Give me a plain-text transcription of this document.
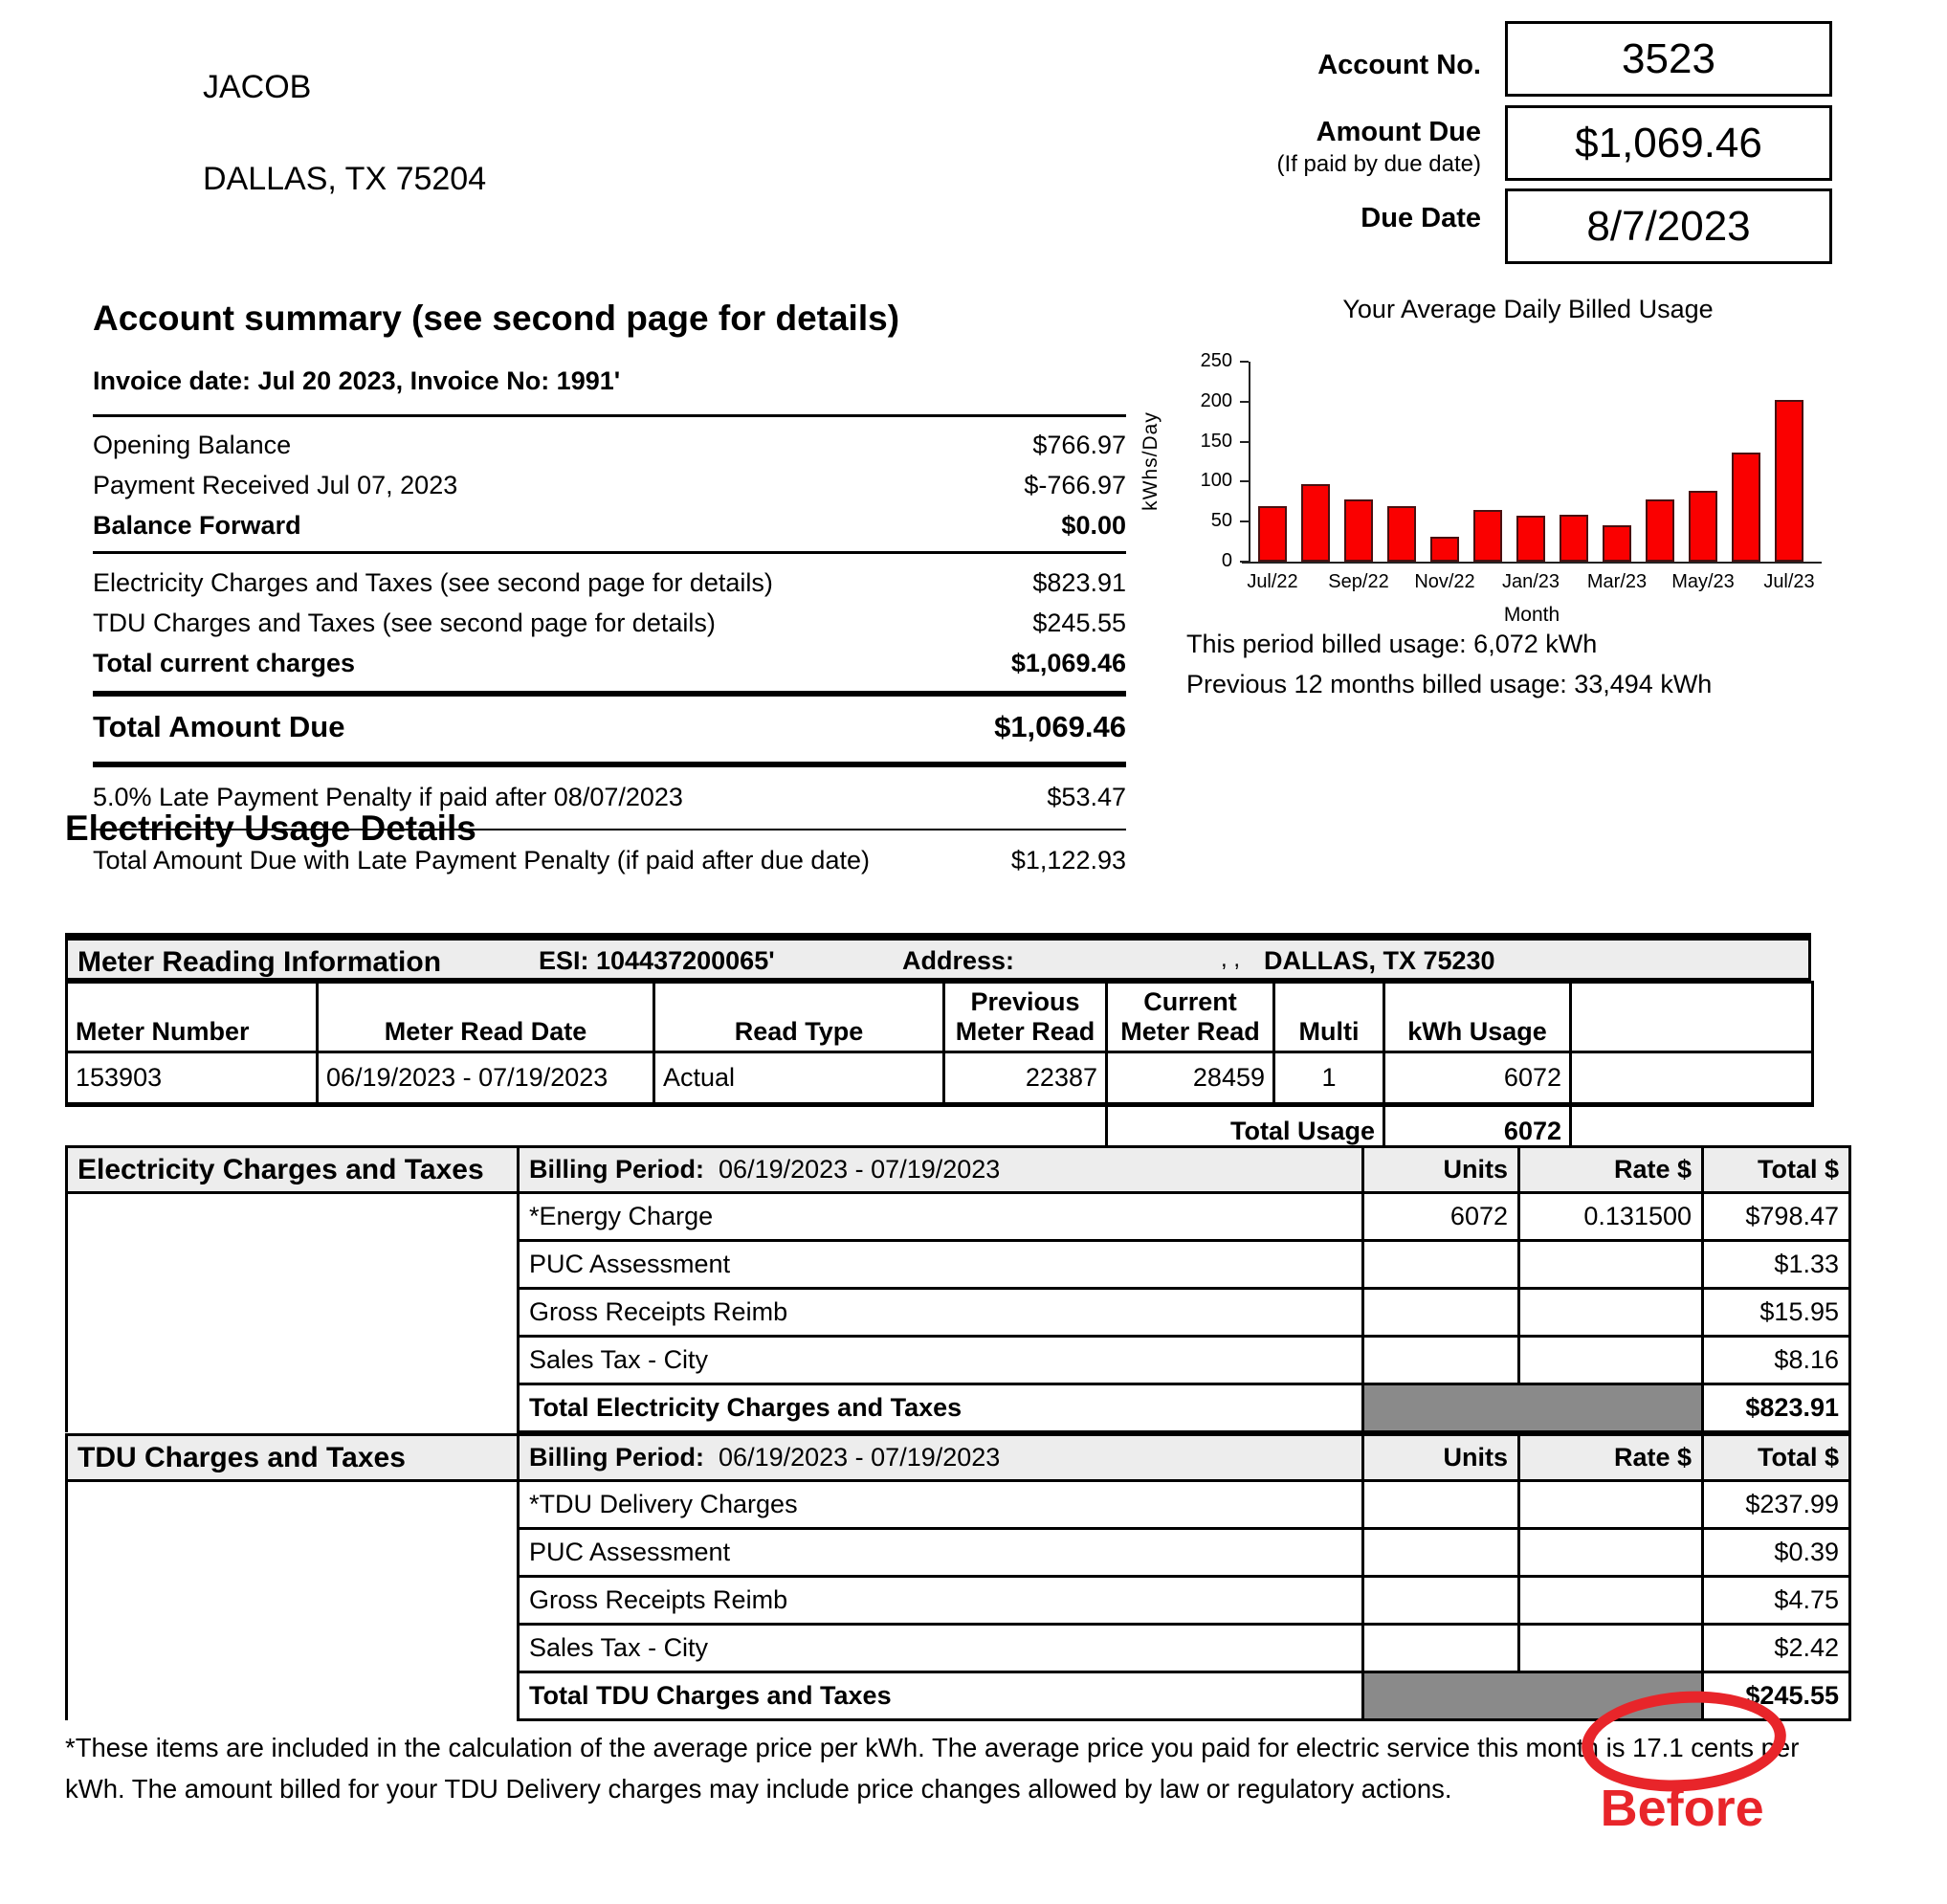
JACOB
DALLAS, TX 75204
Account No.
Amount Due
(If paid by due date)
Due Date
3523
$1,069.46
8/7/2023
Account summary (see second page for details)
Invoice date: Jul 20 2023, Invoice No: 1991'
Opening Balance	$766.97
Payment Received Jul 07, 2023	$-766.97
Balance Forward	$0.00
Electricity Charges and Taxes (see second page for details)	$823.91
TDU Charges and Taxes (see second page for details)	$245.55
Total current charges	$1,069.46
Total Amount Due	$1,069.46
5.0% Late Payment Penalty if paid after 08/07/2023	$53.47
Total Amount Due with Late Payment Penalty (if paid after due date)	$1,122.93
Your Average Daily Billed Usage
kWhs/Day
0
50
100
150
200
250
Month
Jul/22	Sep/22	Nov/22	Jan/23	Mar/23	May/23	Jul/23
This period billed usage: 6,072 kWh
Previous 12 months billed usage: 33,494 kWh
Electricity Usage Details
Meter Reading Information	ESI: 104437200065'	Address:	, , DALLAS, TX 75230
Meter Number	Meter Read Date	Read Type	Previous Meter Read	Current Meter Read	Multi	kWh Usage	
153903	06/19/2023 - 07/19/2023	Actual	22387	28459	1	6072	
				Total Usage		6072	
Electricity Charges and Taxes	Billing Period: 06/19/2023 - 07/19/2023	Units	Rate $	Total $
	*Energy Charge	6072	0.131500	$798.47
	PUC Assessment			$1.33
	Gross Receipts Reimb			$15.95
	Sales Tax - City			$8.16
	Total Electricity Charges and Taxes			$823.91
TDU Charges and Taxes	Billing Period: 06/19/2023 - 07/19/2023	Units	Rate $	Total $
	*TDU Delivery Charges			$237.99
	PUC Assessment			$0.39
	Gross Receipts Reimb			$4.75
	Sales Tax - City			$2.42
	Total TDU Charges and Taxes			$245.55
*These items are included in the calculation of the average price per kWh. The average price you paid for electric service this month is 17.1 cents
Before
per
kWh. The amount billed for your TDU Delivery charges may include price changes allowed by law or regulatory actions.
